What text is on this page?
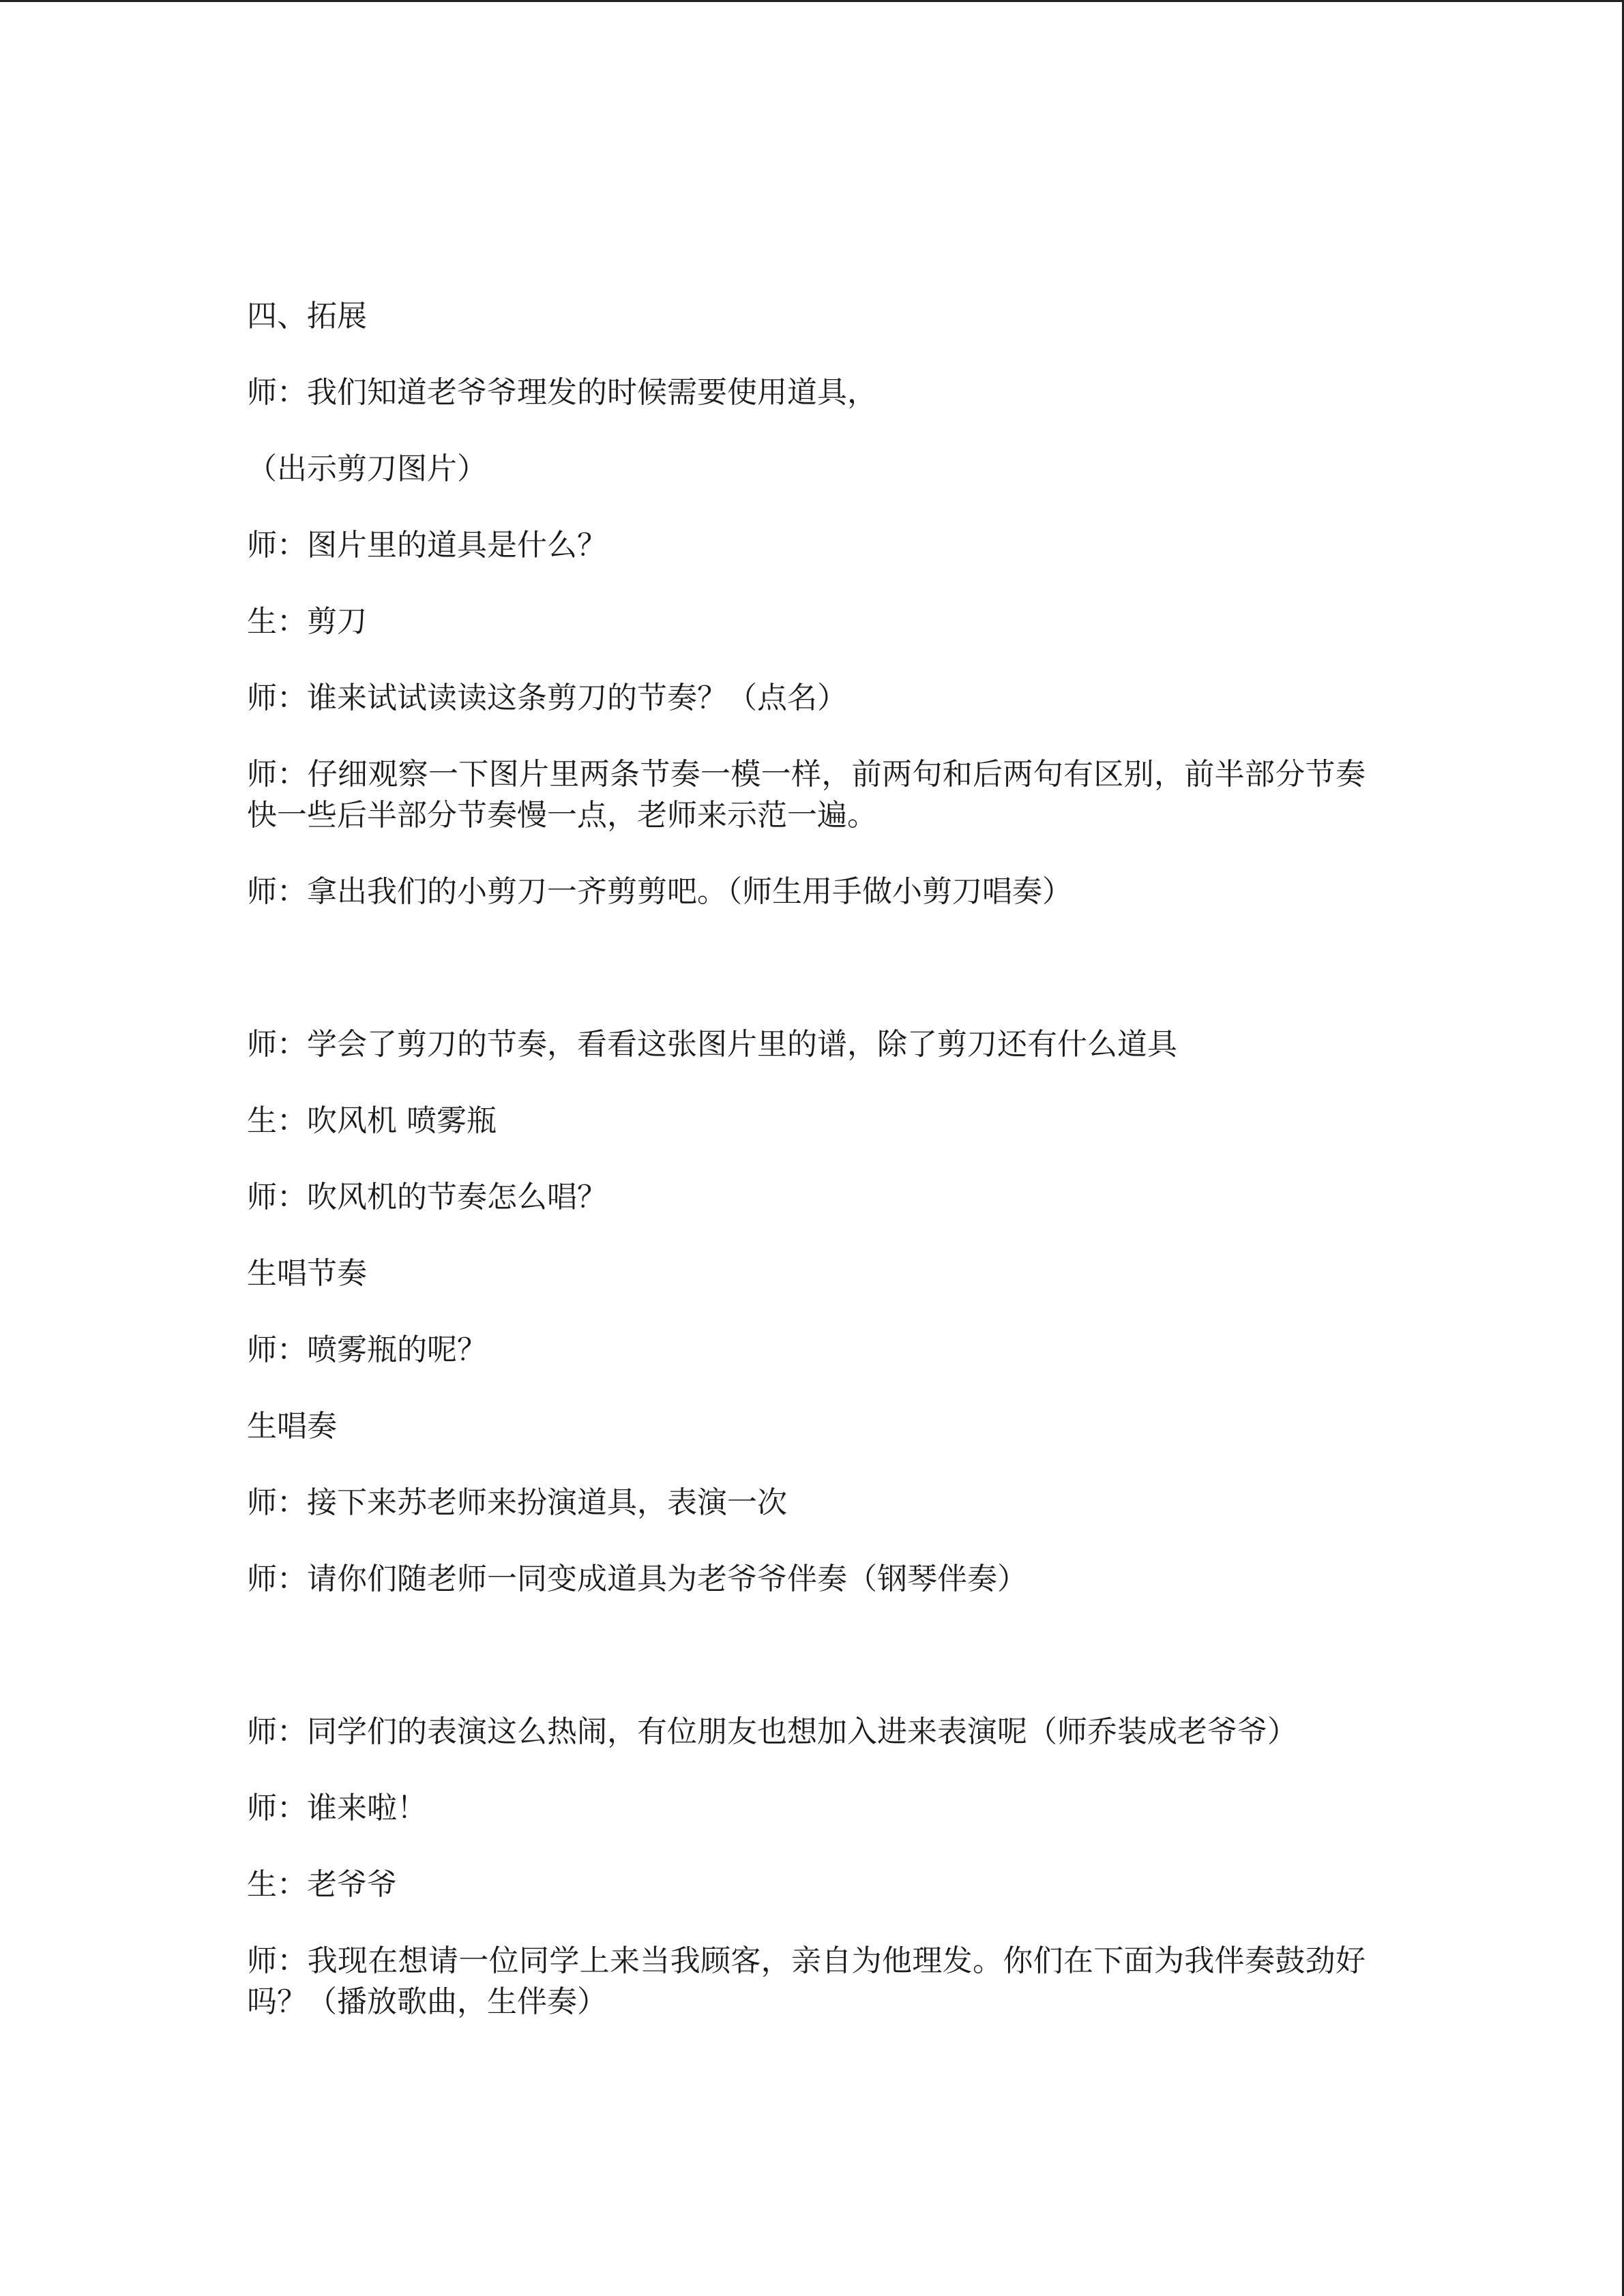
四、拓展

师：我们知道老爷爷理发的时候需要使用道具，

（出示剪刀图片）

师：图片里的道具是什么？

生：剪刀

师：谁来试试读读这条剪刀的节奏？（点名）

师：仔细观察一下图片里两条节奏一模一样，前两句和后两句有区别，前半部分节奏快一些后半部分节奏慢一点，老师来示范一遍。

师：拿出我们的小剪刀一齐剪剪吧。（师生用手做小剪刀唱奏）

师：学会了剪刀的节奏，看看这张图片里的谱，除了剪刀还有什么道具

生：吹风机 喷雾瓶

师：吹风机的节奏怎么唱？

生唱节奏

师：喷雾瓶的呢？

生唱奏

师：接下来苏老师来扮演道具，表演一次

师：请你们随老师一同变成道具为老爷爷伴奏（钢琴伴奏）

师：同学们的表演这么热闹，有位朋友也想加入进来表演呢（师乔装成老爷爷）

师：谁来啦！

生：老爷爷

师：我现在想请一位同学上来当我顾客，亲自为他理发。你们在下面为我伴奏鼓劲好吗？（播放歌曲，生伴奏）
